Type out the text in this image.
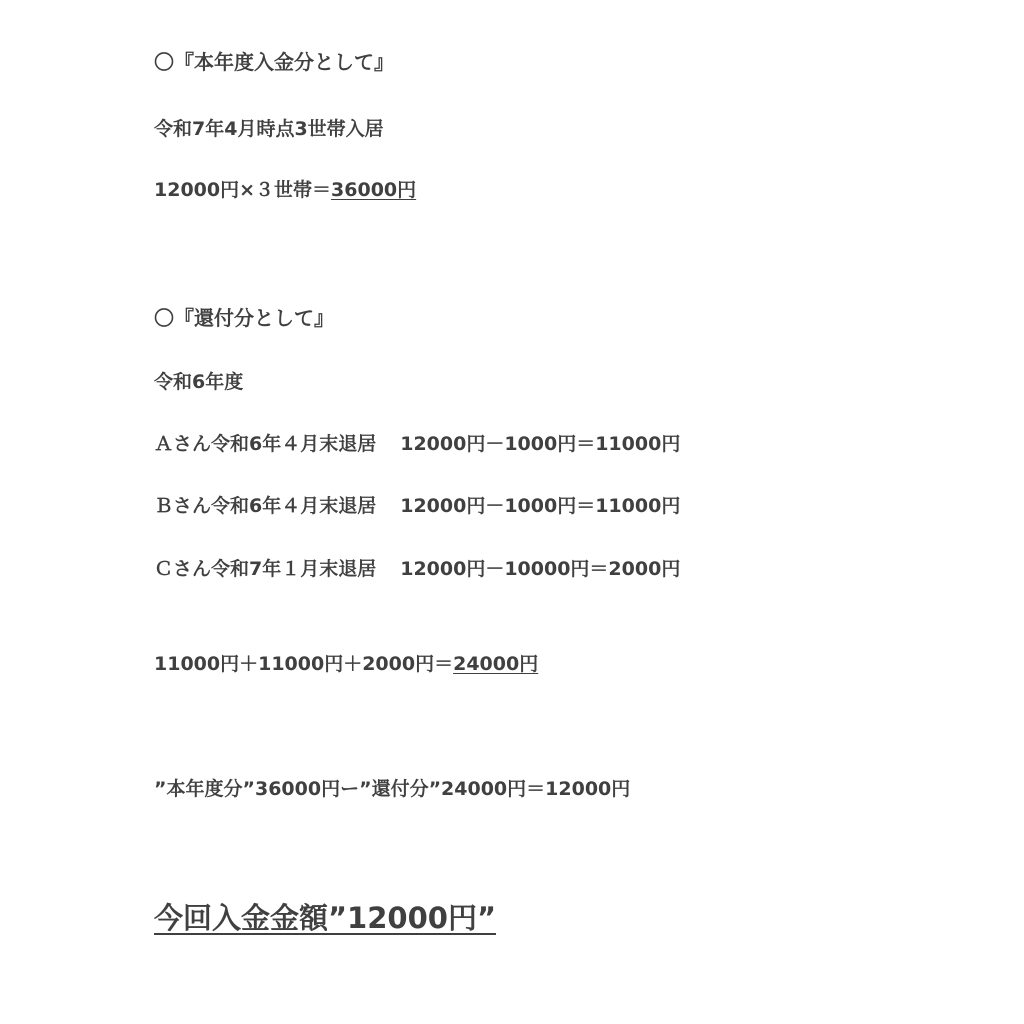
〇『本年度入金分として』
令和7年4月時点3世帯入居
12000円×３世帯＝36000円
〇『還付分として』
令和6年度
Ａさん令和6年４月末退居 12000円－1000円＝11000円
Ｂさん令和6年４月末退居 12000円－1000円＝11000円
Ｃさん令和7年１月末退居 12000円－10000円＝2000円
11000円＋11000円＋2000円＝24000円
”本年度分”36000円ー”還付分”24000円＝12000円
今回入金金額”12000円”
